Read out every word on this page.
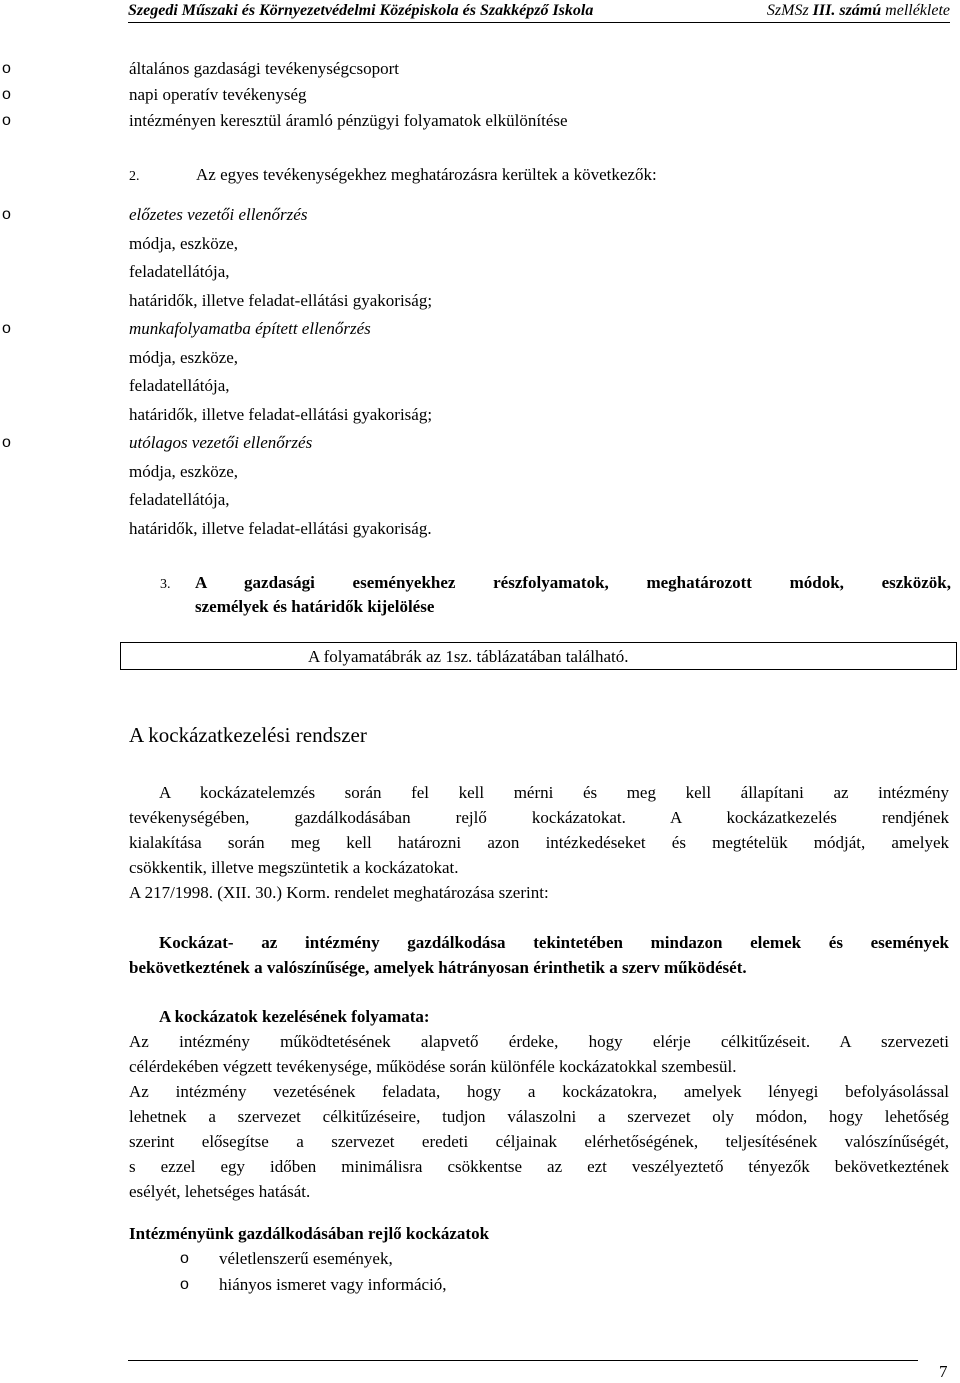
Szegedi Műszaki és Környezetvédelmi Középiskola és Szakképző Iskola	SzMSz III. számú melléklete
o	általános gazdasági tevékenységcsoport
o	napi operatív tevékenység
o	intézményen keresztül áramló pénzügyi folyamatok elkülönítése
2.	Az egyes tevékenységekhez meghatározásra kerültek a következők:
o	előzetes vezetői ellenőrzés
módja, eszköze,
feladatellátója,
határidők, illetve feladat-ellátási gyakoriság;
o	munkafolyamatba épített ellenőrzés
módja, eszköze,
feladatellátója,
határidők, illetve feladat-ellátási gyakoriság;
o	utólagos vezetői ellenőrzés
módja, eszköze,
feladatellátója,
határidők, illetve feladat-ellátási gyakoriság.
3. A gazdasági eseményekhez részfolyamatok, meghatározott módok, eszközök,
személyek és határidők kijelölése
A folyamatábrák az 1sz. táblázatában található.
A kockázatkezelési rendszer
A kockázatelemzés során fel kell mérni és meg kell állapítani az intézmény
tevékenységében, gazdálkodásában rejlő kockázatokat. A kockázatkezelés rendjének
kialakítása során meg kell határozni azon intézkedéseket és megtételük módját, amelyek
csökkentik, illetve megszüntetik a kockázatokat.
A 217/1998. (XII. 30.) Korm. rendelet meghatározása szerint:
Kockázat- az intézmény gazdálkodása tekintetében mindazon elemek és események
bekövetkeztének a valószínűsége, amelyek hátrányosan érinthetik a szerv működését.
A kockázatok kezelésének folyamata:
Az intézmény működtetésének alapvető érdeke, hogy elérje célkitűzéseit. A szervezeti
célérdekében végzett tevékenysége, működése során különféle kockázatokkal szembesül.
Az intézmény vezetésének feladata, hogy a kockázatokra, amelyek lényegi befolyásolással
lehetnek a szervezet célkitűzéseire, tudjon válaszolni a szervezet oly módon, hogy lehetőség
szerint elősegítse a szervezet eredeti céljainak elérhetőségének, teljesítésének valószínűségét,
s ezzel egy időben minimálisra csökkentse az ezt veszélyeztető tényezők bekövetkeztének
esélyét, lehetséges hatását.
Intézményünk gazdálkodásában rejlő kockázatok
o véletlenszerű események,
o hiányos ismeret vagy információ,
7
